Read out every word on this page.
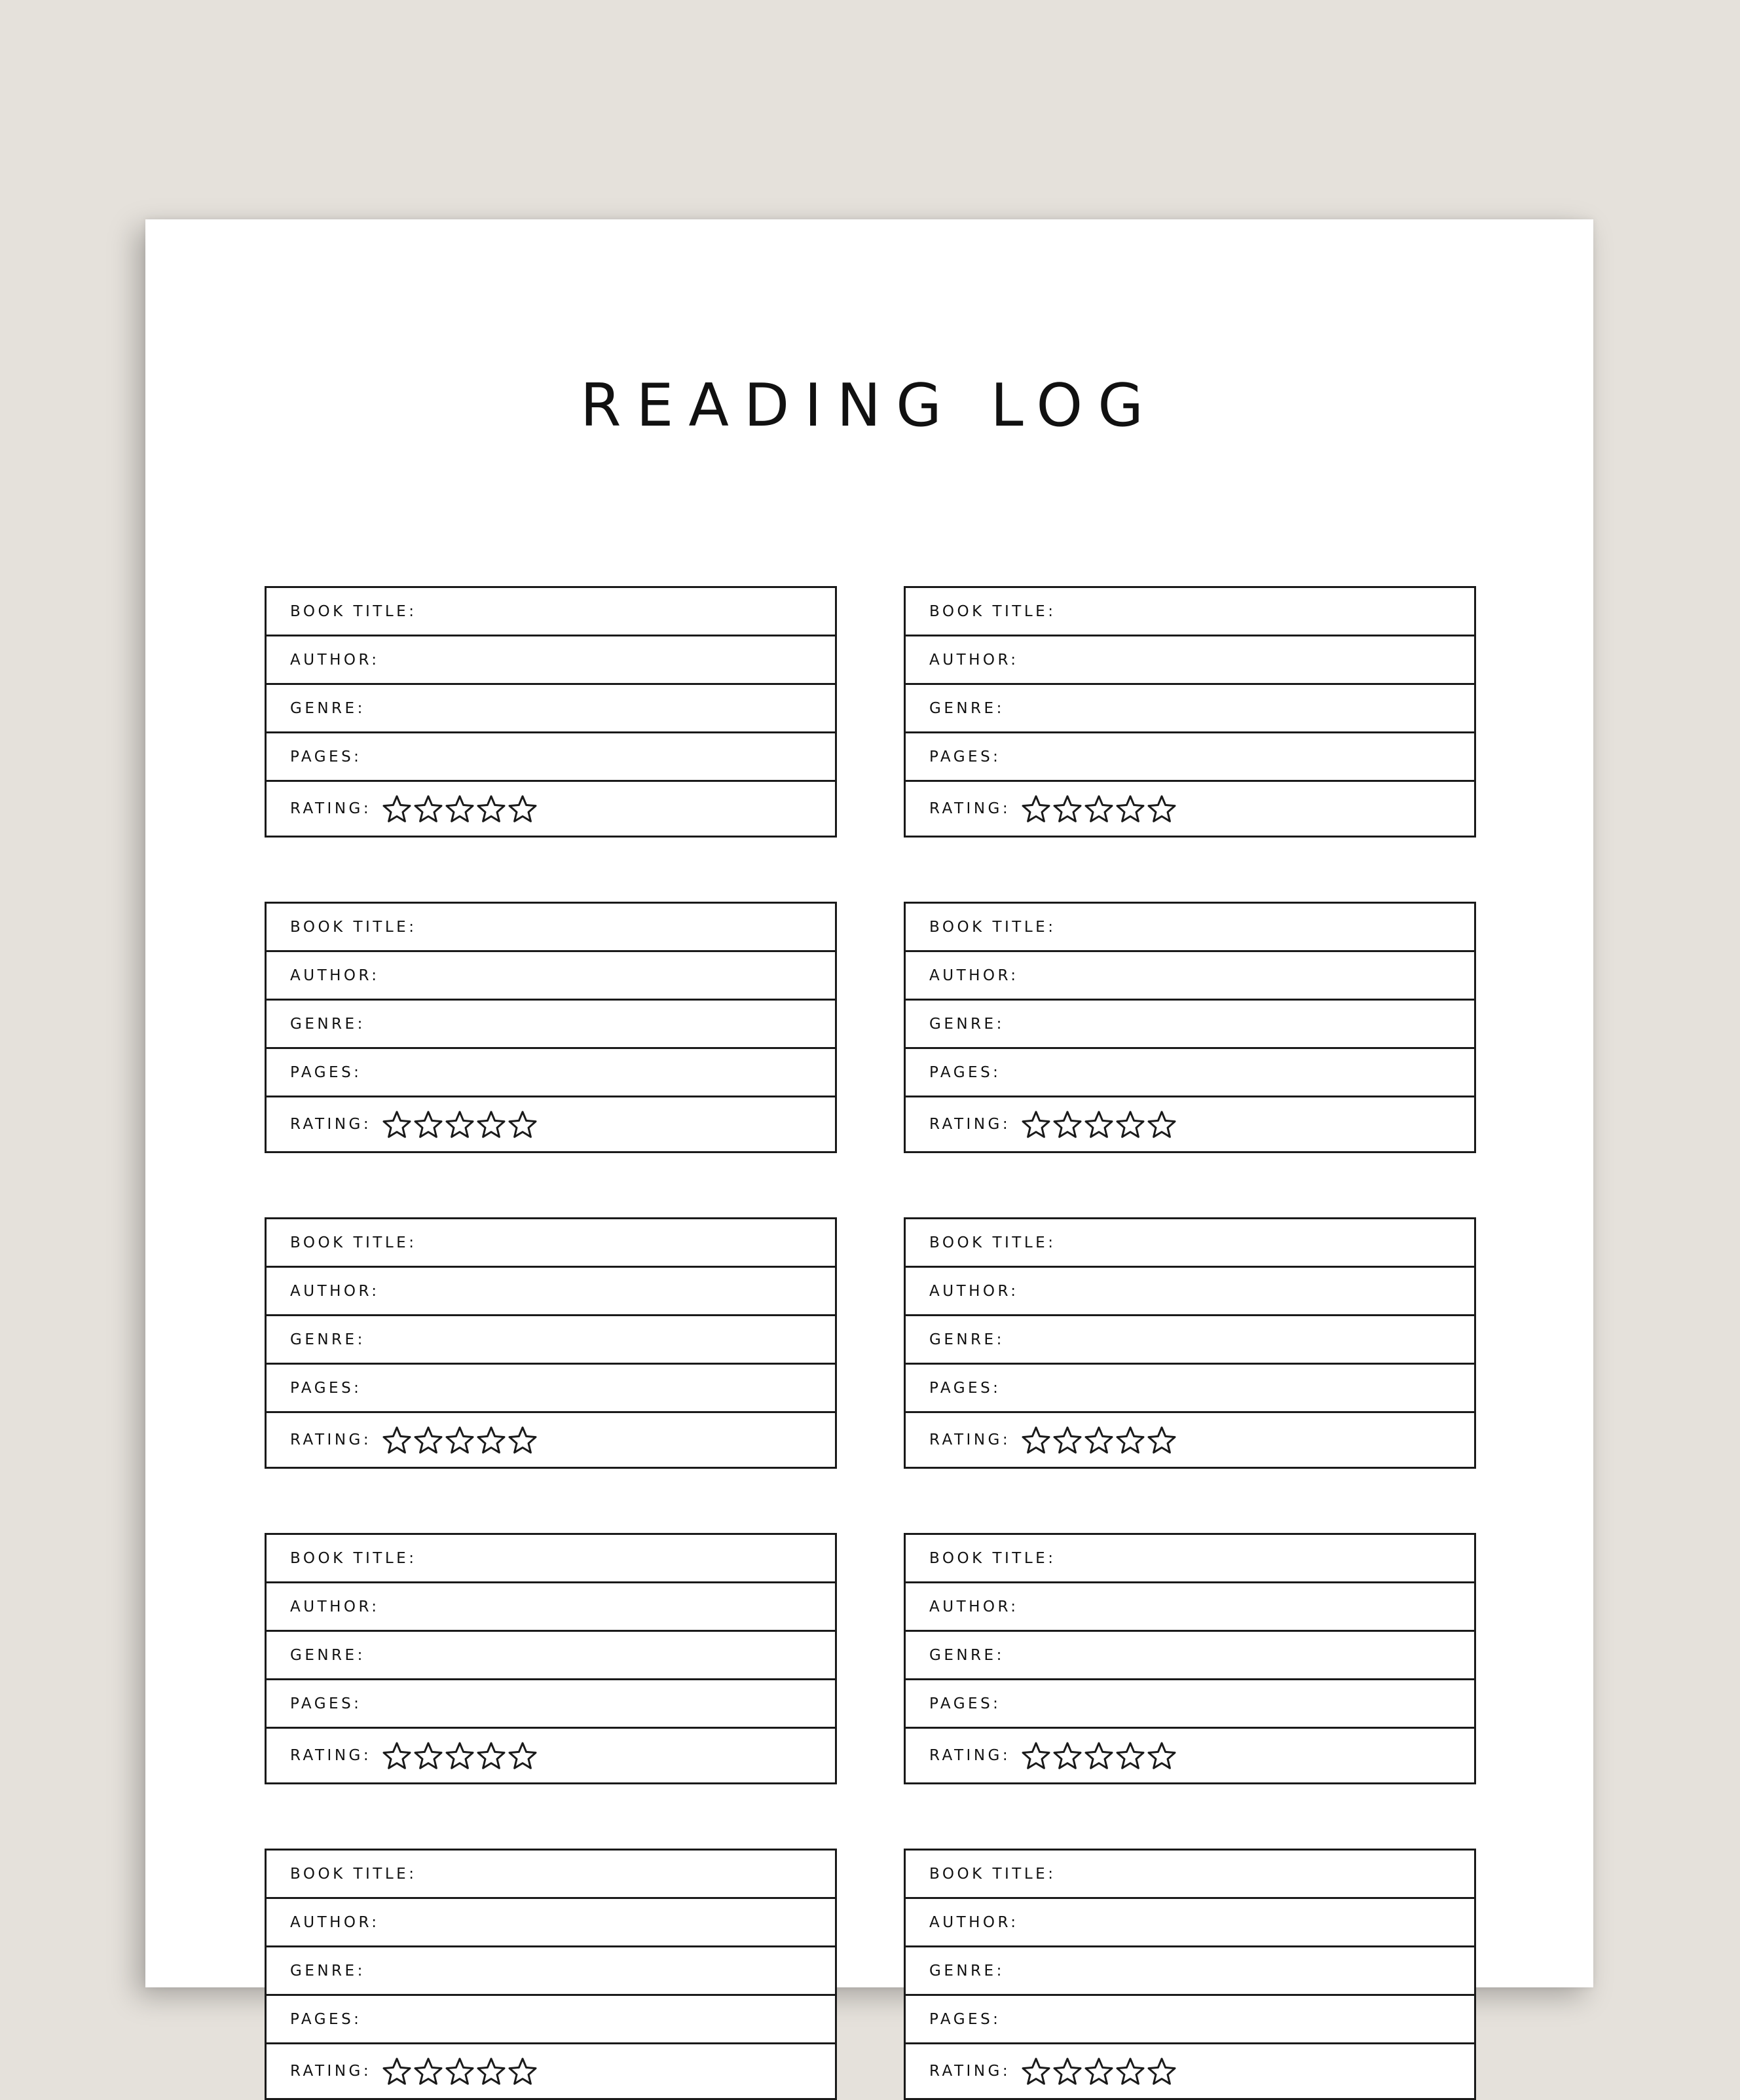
READING LOG
BOOK TITLE:
AUTHOR:
GENRE:
PAGES:
RATING:
BOOK TITLE:
AUTHOR:
GENRE:
PAGES:
RATING:
BOOK TITLE:
AUTHOR:
GENRE:
PAGES:
RATING:
BOOK TITLE:
AUTHOR:
GENRE:
PAGES:
RATING:
BOOK TITLE:
AUTHOR:
GENRE:
PAGES:
RATING:
BOOK TITLE:
AUTHOR:
GENRE:
PAGES:
RATING:
BOOK TITLE:
AUTHOR:
GENRE:
PAGES:
RATING:
BOOK TITLE:
AUTHOR:
GENRE:
PAGES:
RATING:
BOOK TITLE:
AUTHOR:
GENRE:
PAGES:
RATING:
BOOK TITLE:
AUTHOR:
GENRE:
PAGES:
RATING:
